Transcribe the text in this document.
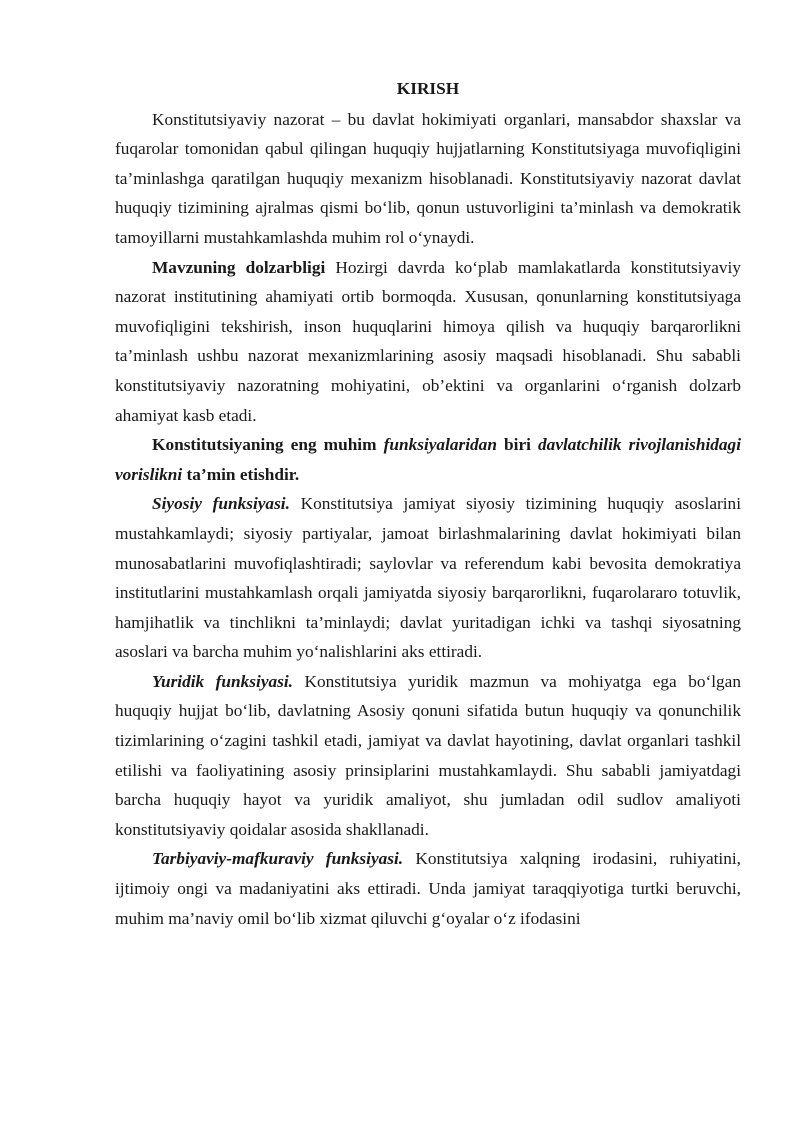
KIRISH

Konstitutsiyaviy nazorat – bu davlat hokimiyati organlari, mansabdor shaxslar va fuqarolar tomonidan qabul qilingan huquqiy hujjatlarning Konstitutsiyaga muvofiqligini ta’minlashga qaratilgan huquqiy mexanizm hisoblanadi. Konstitutsiyaviy nazorat davlat huquqiy tizimining ajralmas qismi bo‘lib, qonun ustuvorligini ta’minlash va demokratik tamoyillarni mustahkamlashda muhim rol o‘ynaydi.

Mavzuning dolzarbligi Hozirgi davrda ko‘plab mamlakatlarda konstitutsiyaviy nazorat institutining ahamiyati ortib bormoqda. Xususan, qonunlarning konstitutsiyaga muvofiqligini tekshirish, inson huquqlarini himoya qilish va huquqiy barqarorlikni ta’minlash ushbu nazorat mexanizmlarining asosiy maqsadi hisoblanadi. Shu sababli konstitutsiyaviy nazoratning mohiyatini, ob’ektini va organlarini o‘rganish dolzarb ahamiyat kasb etadi.

Konstitutsiyaning eng muhim funksiyalaridan biri davlatchilik rivojlanishidagi vorislikni ta’min etishdir.

Siyosiy funksiyasi. Konstitutsiya jamiyat siyosiy tizimining huquqiy asoslarini mustahkamlaydi; siyosiy partiyalar, jamoat birlashmalarining davlat hokimiyati bilan munosabatlarini muvofiqlashtiradi; saylovlar va referendum kabi bevosita demokratiya institutlarini mustahkamlash orqali jamiyatda siyosiy barqarorlikni, fuqarolararo totuvlik, hamjihatlik va tinchlikni ta’minlaydi; davlat yuritadigan ichki va tashqi siyosatning asoslari va barcha muhim yo‘nalishlarini aks ettiradi.

Yuridik funksiyasi. Konstitutsiya yuridik mazmun va mohiyatga ega bo‘lgan huquqiy hujjat bo‘lib, davlatning Asosiy qonuni sifatida butun huquqiy va qonunchilik tizimlarining o‘zagini tashkil etadi, jamiyat va davlat hayotining, davlat organlari tashkil etilishi va faoliyatining asosiy prinsiplarini mustahkamlaydi. Shu sababli jamiyatdagi barcha huquqiy hayot va yuridik amaliyot, shu jumladan odil sudlov amaliyoti konstitutsiyaviy qoidalar asosida shakllanadi.

Tarbiyaviy-mafkuraviy funksiyasi. Konstitutsiya xalqning irodasini, ruhiyatini, ijtimoiy ongi va madaniyatini aks ettiradi. Unda jamiyat taraqqiyotiga turtki beruvchi, muhim ma’naviy omil bo‘lib xizmat qiluvchi g‘oyalar o‘z ifodasini
